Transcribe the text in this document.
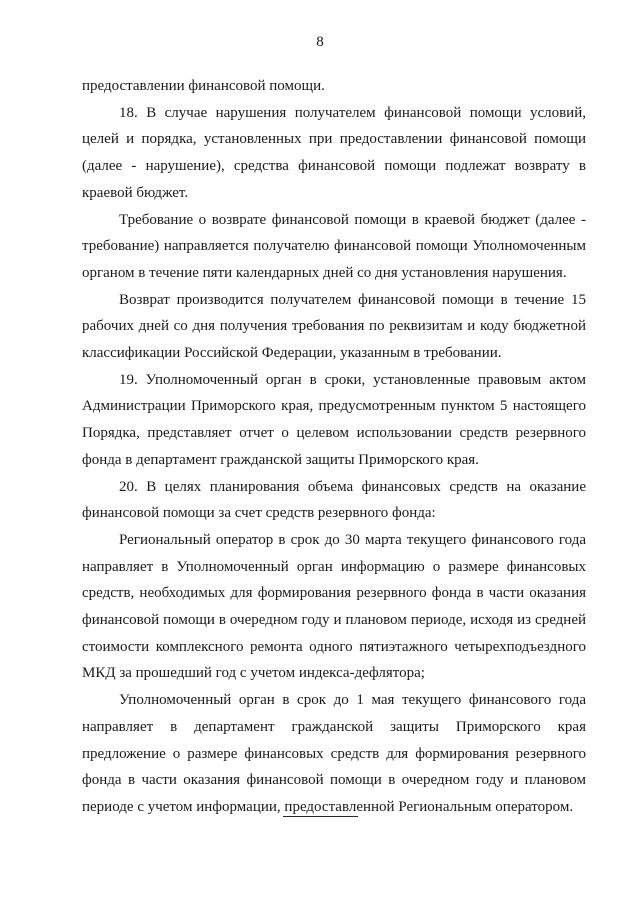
8

предоставлении финансовой помощи.

18. В случае нарушения получателем финансовой помощи условий, целей и порядка, установленных при предоставлении финансовой помощи (далее - нарушение), средства финансовой помощи подлежат возврату в краевой бюджет.

Требование о возврате финансовой помощи в краевой бюджет (далее - требование) направляется получателю финансовой помощи Уполномоченным органом в течение пяти календарных дней со дня установления нарушения.

Возврат производится получателем финансовой помощи в течение 15 рабочих дней со дня получения требования по реквизитам и коду бюджетной классификации Российской Федерации, указанным в требовании.

19. Уполномоченный орган в сроки, установленные правовым актом Администрации Приморского края, предусмотренным пунктом 5 настоящего Порядка, представляет отчет о целевом использовании средств резервного фонда в департамент гражданской защиты Приморского края.

20. В целях планирования объема финансовых средств на оказание финансовой помощи за счет средств резервного фонда:

Региональный оператор в срок до 30 марта текущего финансового года направляет в Уполномоченный орган информацию о размере финансовых средств, необходимых для формирования резервного фонда в части оказания финансовой помощи в очередном году и плановом периоде, исходя из средней стоимости комплексного ремонта одного пятиэтажного четырехподъездного МКД за прошедший год с учетом индекса-дефлятора;

Уполномоченный орган в срок до 1 мая текущего финансового года направляет в департамент гражданской защиты Приморского края предложение о размере финансовых средств для формирования резервного фонда в части оказания финансовой помощи в очередном году и плановом периоде с учетом информации, предоставленной Региональным оператором.
